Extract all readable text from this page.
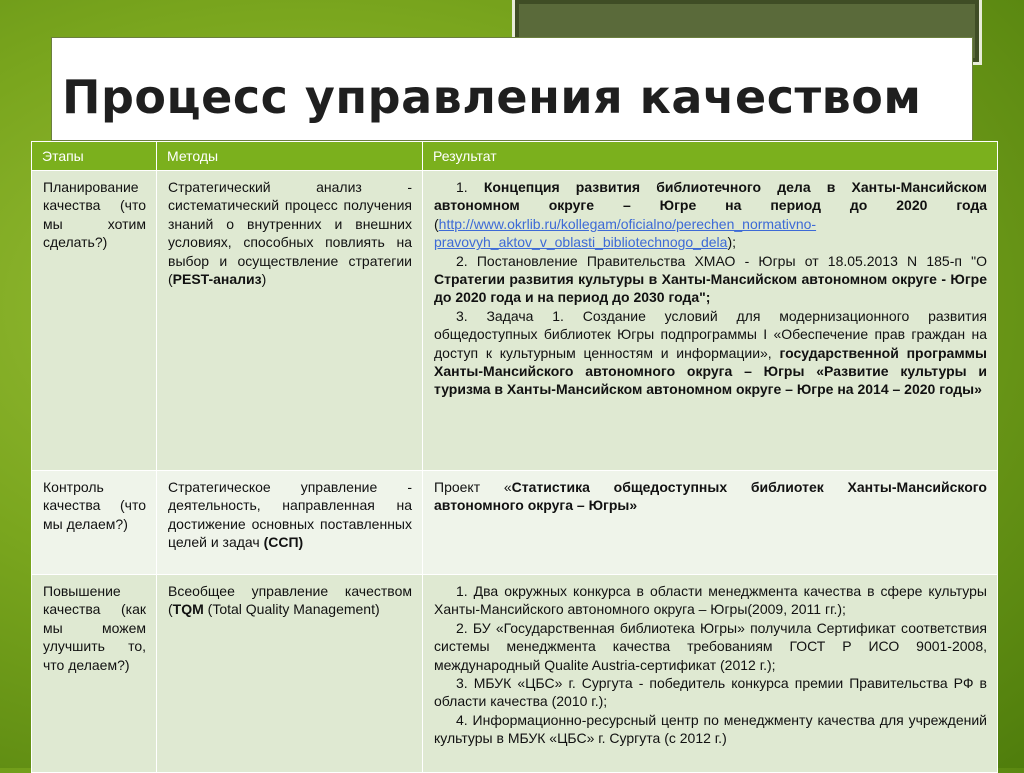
Процесс управления качеством
Этапы	Методы	Результат
Планирование качества (что мы хотим сделать?)	Стратегический анализ - систематический процесс получения знаний о внутренних и внешних условиях, способных повлиять на выбор и осуществление стратегии (PEST-анализ)	1. Концепция развития библиотечного дела в Ханты-Мансийском автономном округе – Югре на период до 2020 года (http://www.okrlib.ru/kollegam/oficialno/perechen_normativno-pravovyh_aktov_v_oblasti_bibliotechnogo_dela);
2. Постановление Правительства ХМАО - Югры от 18.05.2013 N 185-п "О Стратегии развития культуры в Ханты-Мансийском автономном округе - Югре до 2020 года и на период до 2030 года";
3. Задача 1. Создание условий для модернизационного развития общедоступных библиотек Югры подпрограммы I «Обеспечение прав граждан на доступ к культурным ценностям и информации», государственной программы Ханты-Мансийского автономного округа – Югры «Развитие культуры и туризма в Ханты-Мансийском автономном округе – Югре на 2014 – 2020 годы»

Контроль качества (что мы делаем?)	Стратегическое управление - деятельность, направленная на достижение основных поставленных целей и задач (ССП)	Проект «Статистика общедоступных библиотек Ханты-Мансийского автономного округа – Югры»
Повышение качества (как мы можем улучшить то, что делаем?)	Всеобщее управление качеством (TQM (Total Quality Management)	1. Два окружных конкурса в области менеджмента качества в сфере культуры Ханты-Мансийского автономного округа – Югры(2009, 2011 гг.);
2. БУ «Государственная библиотека Югры» получила Сертификат соответствия системы менеджмента качества требованиям ГОСТ Р ИСО 9001-2008, международный Qualite Austria-сертификат (2012 г.);
3. МБУК «ЦБС» г. Сургута - победитель конкурса премии Правительства РФ в области качества (2010 г.);
4. Информационно-ресурсный центр по менеджменту качества для учреждений культуры в МБУК «ЦБС» г. Сургута (с 2012 г.)
